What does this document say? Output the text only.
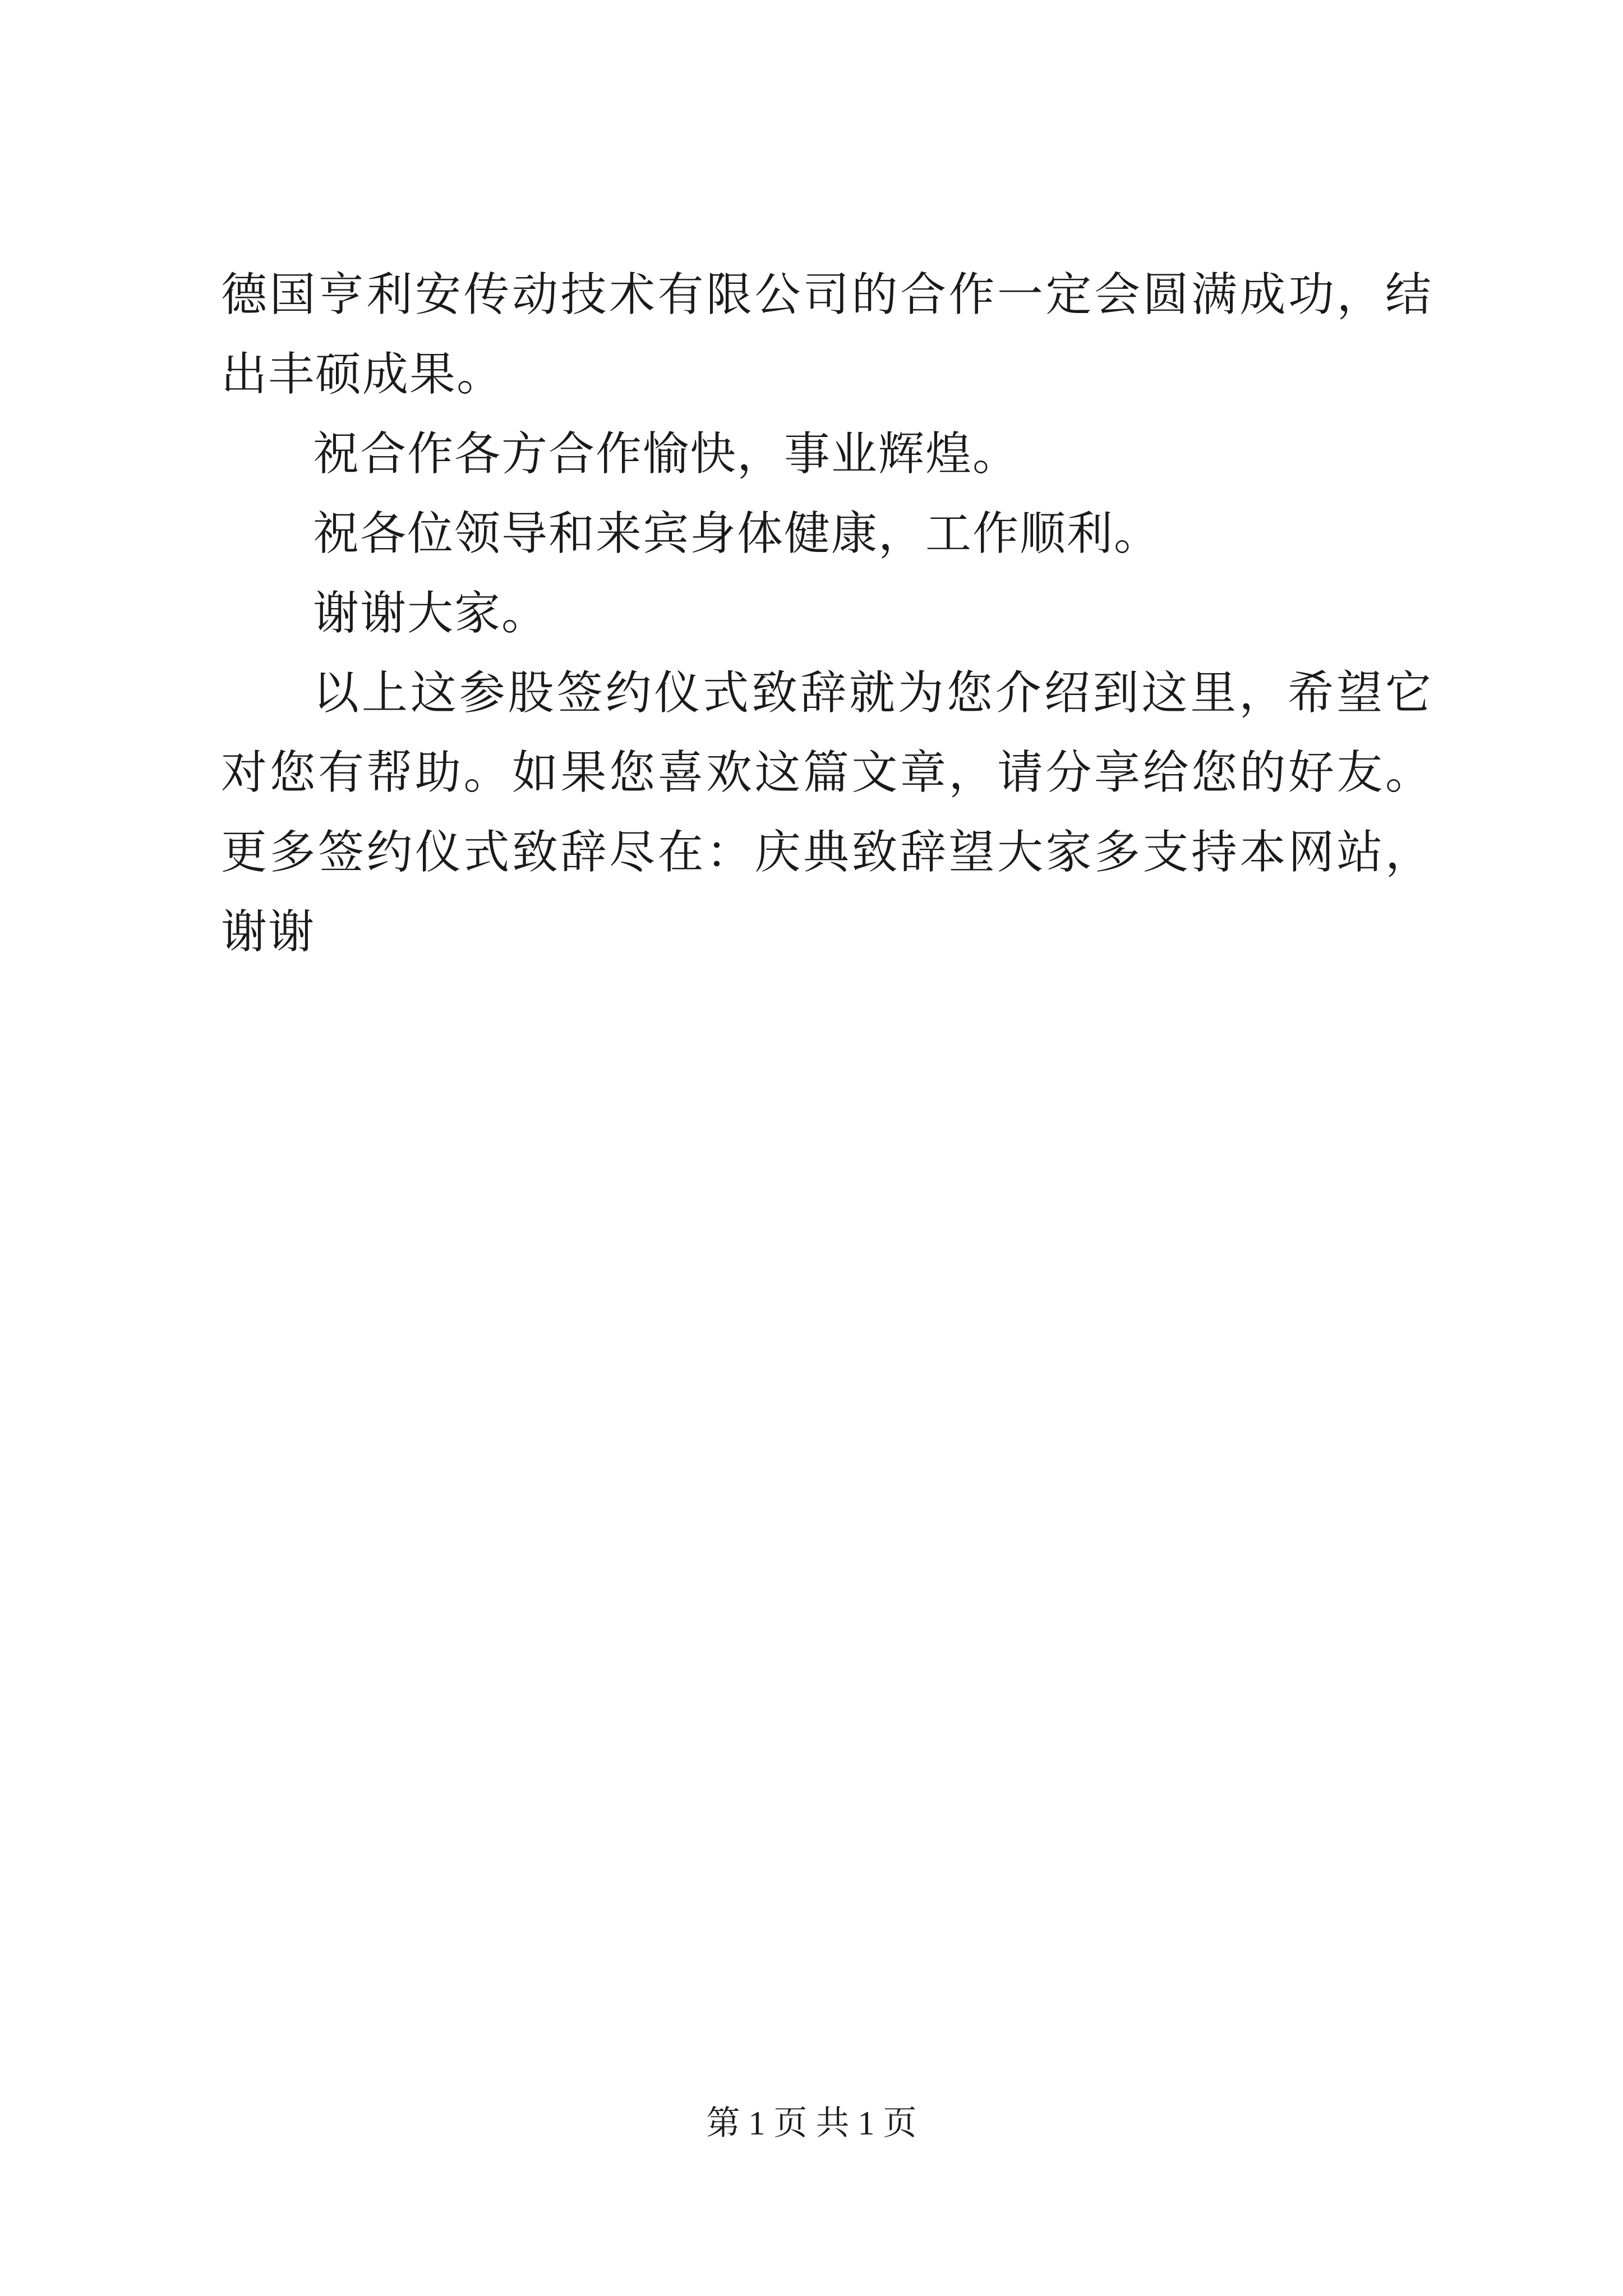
德国亨利安传动技术有限公司的合作一定会圆满成功，结出丰硕成果。

祝合作各方合作愉快，事业辉煌。

祝各位领导和来宾身体健康，工作顺利。

谢谢大家。

以上这参股签约仪式致辞就为您介绍到这里，希望它对您有帮助。如果您喜欢这篇文章，请分享给您的好友。更多签约仪式致辞尽在：庆典致辞望大家多支持本网站，谢谢

第 1 页 共 1 页
